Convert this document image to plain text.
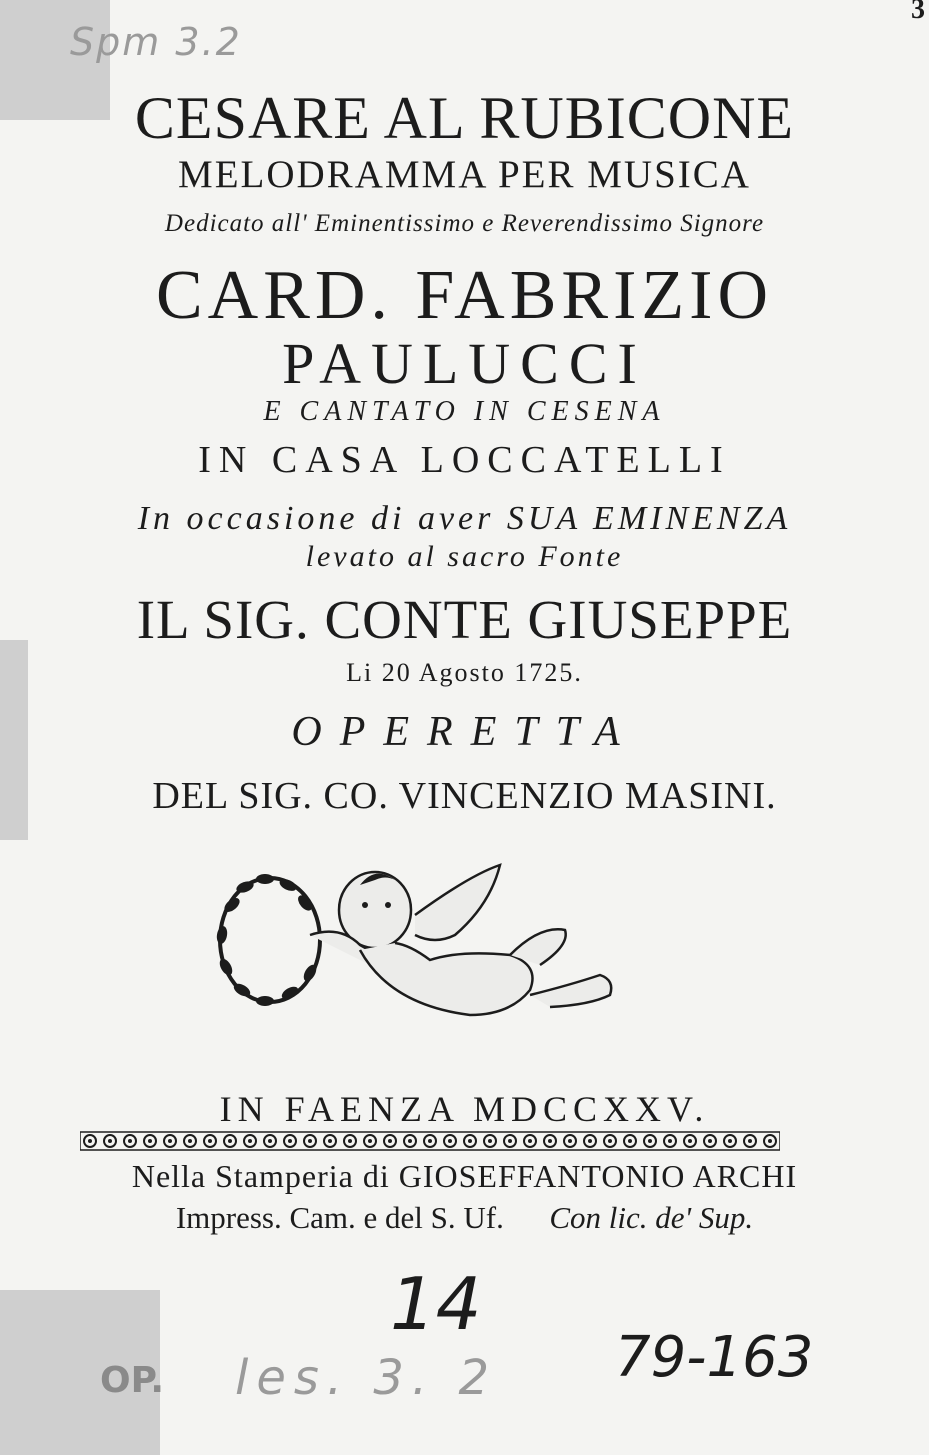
3
Spm 3.2
CESARE AL RUBICONE
MELODRAMMA PER MUSICA
Dedicato all' Eminentissimo e Reverendissimo Signore
CARD. FABRIZIO
PAULUCCI
E CANTATO IN CESENA
IN CASA LOCCATELLI
In occasione di aver SUA EMINENZA
levato al sacro Fonte
IL SIG. CONTE GIUSEPPE
Li 20 Agosto 1725.
OPERETTA
DEL SIG. CO. VINCENZIO MASINI.
IN FAENZA MDCCXXV.
Nella Stamperia di GIOSEFFANTONIO ARCHI
Impress. Cam. e del S. Uf. Con lic. de' Sup.
14
OP. les. 3. 2 79-163
